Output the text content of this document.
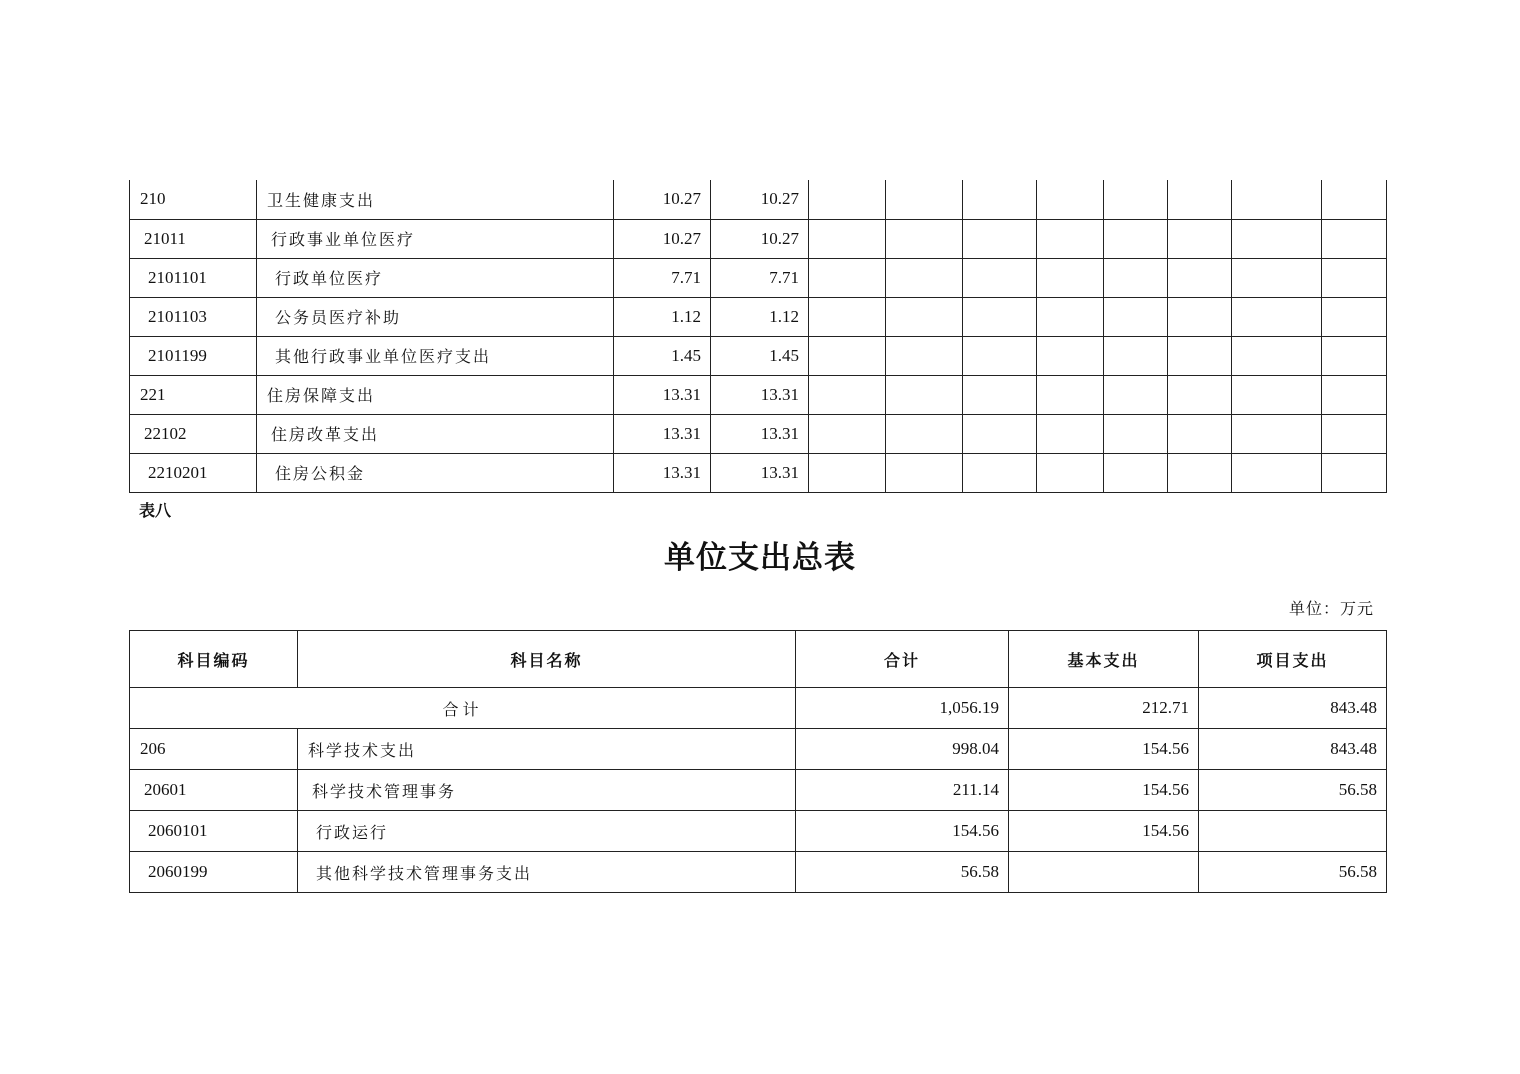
210	卫生健康支出	10.27	10.27								
21011	行政事业单位医疗	10.27	10.27								
2101101	行政单位医疗	7.71	7.71								
2101103	公务员医疗补助	1.12	1.12								
2101199	其他行政事业单位医疗支出	1.45	1.45								
221	住房保障支出	13.31	13.31								
22102	住房改革支出	13.31	13.31								
2210201	住房公积金	13.31	13.31								
表八
单位支出总表
单位：万元
科目编码	科目名称	合计	基本支出	项目支出
合计		1,056.19	212.71	843.48
206	科学技术支出	998.04	154.56	843.48
20601	科学技术管理事务	211.14	154.56	56.58
2060101	行政运行	154.56	154.56	
2060199	其他科学技术管理事务支出	56.58		56.58
